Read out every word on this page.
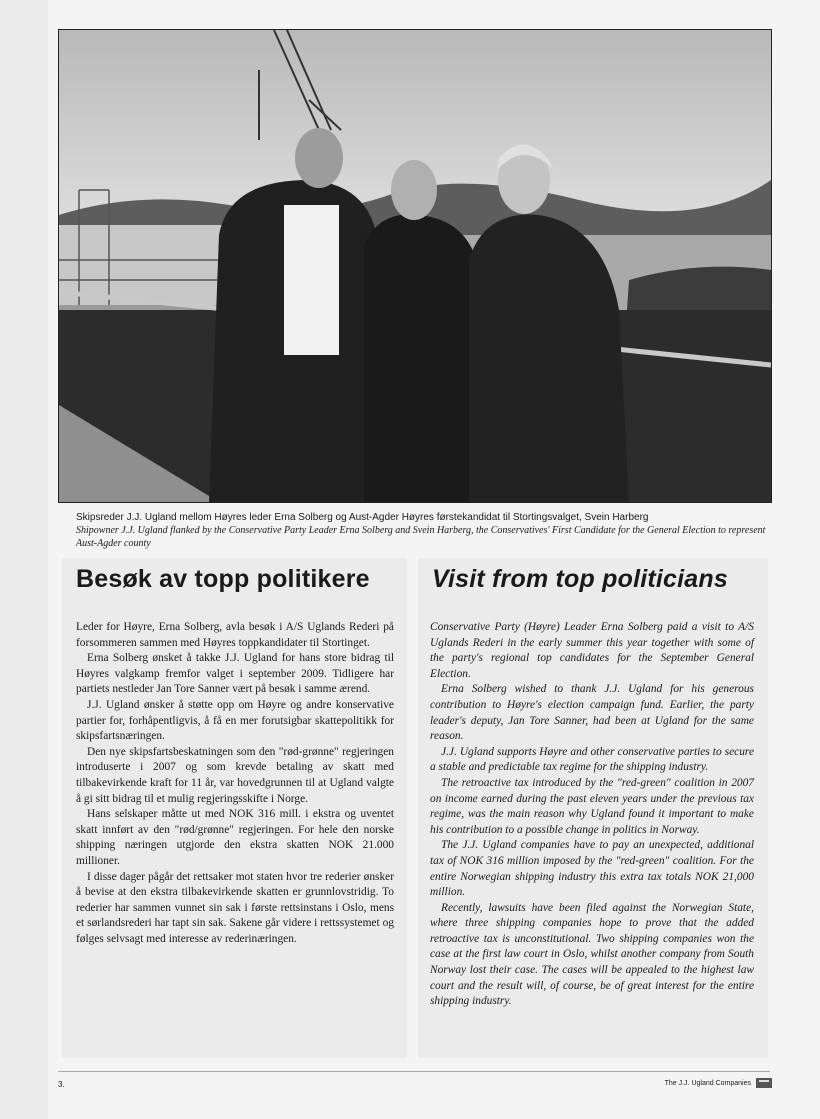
Skipsreder J.J. Ugland mellom Høyres leder Erna Solberg og Aust-Agder Høyres førstekandidat til Stortingsvalget, Svein Harberg
Shipowner J.J. Ugland flanked by the Conservative Party Leader Erna Solberg and Svein Harberg, the Conservatives' First Candidate for the General Election to represent Aust-Agder county
Besøk av topp politikere Visit from top politicians

Leder for Høyre, Erna Solberg, avla besøk i A/S Uglands Rederi på forsommeren sammen med Høyres toppkandidater til Stortinget.

Erna Solberg ønsket å takke J.J. Ugland for hans store bidrag til Høyres valgkamp fremfor valget i september 2009. Tidligere har partiets nestleder Jan Tore Sanner vært på besøk i samme ærend.

J.J. Ugland ønsker å støtte opp om Høyre og andre konservative partier for, forhåpentligvis, å få en mer forutsigbar skattepolitikk for skipsfartsnæringen.

Den nye skipsfartsbeskatningen som den "rød-grønne" regjeringen introduserte i 2007 og som krevde betaling av skatt med tilbakevirkende kraft for 11 år, var hovedgrunnen til at Ugland valgte å gi sitt bidrag til et mulig regjeringsskifte i Norge.

Hans selskaper måtte ut med NOK 316 mill. i ekstra og uventet skatt innført av den "rød/grønne" regjeringen. For hele den norske shipping næringen utgjorde den ekstra skatten NOK 21.000 millioner.

I disse dager pågår det rettsaker mot staten hvor tre rederier ønsker å bevise at den ekstra tilbakevirkende skatten er grunnlovstridig. To rederier har sammen vunnet sin sak i første rettsinstans i Oslo, mens et sørlandsrederi har tapt sin sak. Sakene går videre i rettssystemet og følges selvsagt med interesse av rederinæringen.

Conservative Party (Høyre) Leader Erna Solberg paid a visit to A/S Uglands Rederi in the early summer this year together with some of the party's regional top candidates for the September General Election.

Erna Solberg wished to thank J.J. Ugland for his generous contribution to Høyre's election campaign fund. Earlier, the party leader's deputy, Jan Tore Sanner, had been at Ugland for the same reason.

J.J. Ugland supports Høyre and other conservative parties to secure a stable and predictable tax regime for the shipping industry.

The retroactive tax introduced by the "red-green" coalition in 2007 on income earned during the past eleven years under the previous tax regime, was the main reason why Ugland found it important to make his contribution to a possible change in politics in Norway.

The J.J. Ugland companies have to pay an unexpected, additional tax of NOK 316 million imposed by the "red-green" coalition. For the entire Norwegian shipping industry this extra tax totals NOK 21,000 million.

Recently, lawsuits have been filed against the Norwegian State, where three shipping companies hope to prove that the added retroactive tax is unconstitutional. Two shipping companies won the case at the first law court in Oslo, whilst another company from South Norway lost their case. The cases will be appealed to the highest law court and the result will, of course, be of great interest for the entire shipping industry.

3.	The J.J. Ugland Companies
